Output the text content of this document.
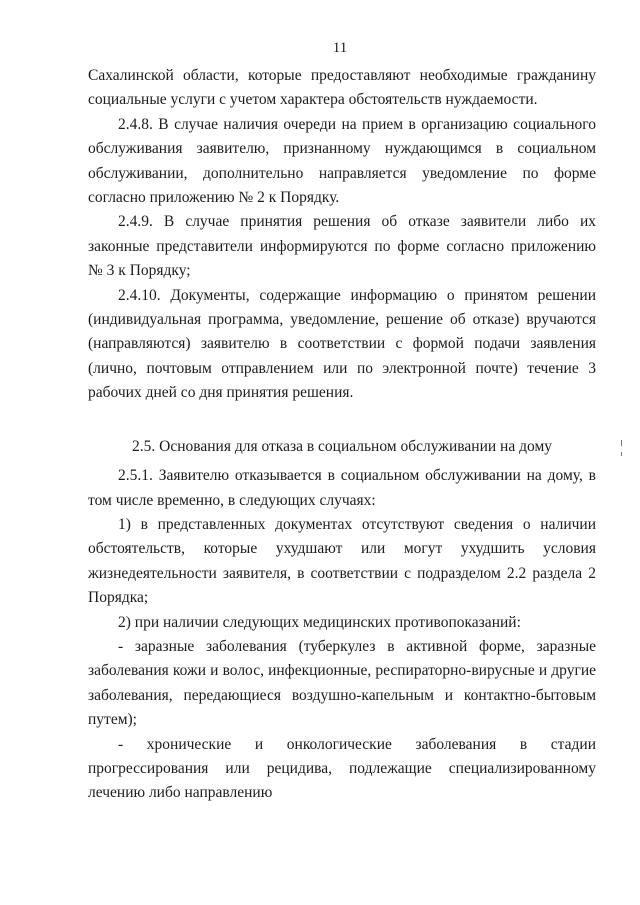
11

Сахалинской области, которые предоставляют необходимые гражданину социальные услуги с учетом характера обстоятельств нуждаемости.

2.4.8. В случае наличия очереди на прием в организацию социального обслуживания заявителю, признанному нуждающимся в социальном обслуживании, дополнительно направляется уведомление по форме согласно приложению № 2 к Порядку.

2.4.9. В случае принятия решения об отказе заявители либо их законные представители информируются по форме согласно приложению № 3 к Порядку;

2.4.10. Документы, содержащие информацию о принятом решении (индивидуальная программа, уведомление, решение об отказе) вручаются (направляются) заявителю в соответствии с формой подачи заявления (лично, почтовым отправлением или по электронной почте) течение 3 рабочих дней со дня принятия решения.

2.5. Основания для отказа в социальном обслуживании на дому

2.5.1. Заявителю отказывается в социальном обслуживании на дому, в том числе временно, в следующих случаях:

1) в представленных документах отсутствуют сведения о наличии обстоятельств, которые ухудшают или могут ухудшить условия жизнедеятельности заявителя, в соответствии с подразделом 2.2 раздела 2 Порядка;

2) при наличии следующих медицинских противопоказаний:

- заразные заболевания (туберкулез в активной форме, заразные заболевания кожи и волос, инфекционные, респираторно-вирусные и другие заболевания, передающиеся воздушно-капельным и контактно-бытовым путем);

- хронические и онкологические заболевания в стадии прогрессирования или рецидива, подлежащие специализированному лечению либо направлению
